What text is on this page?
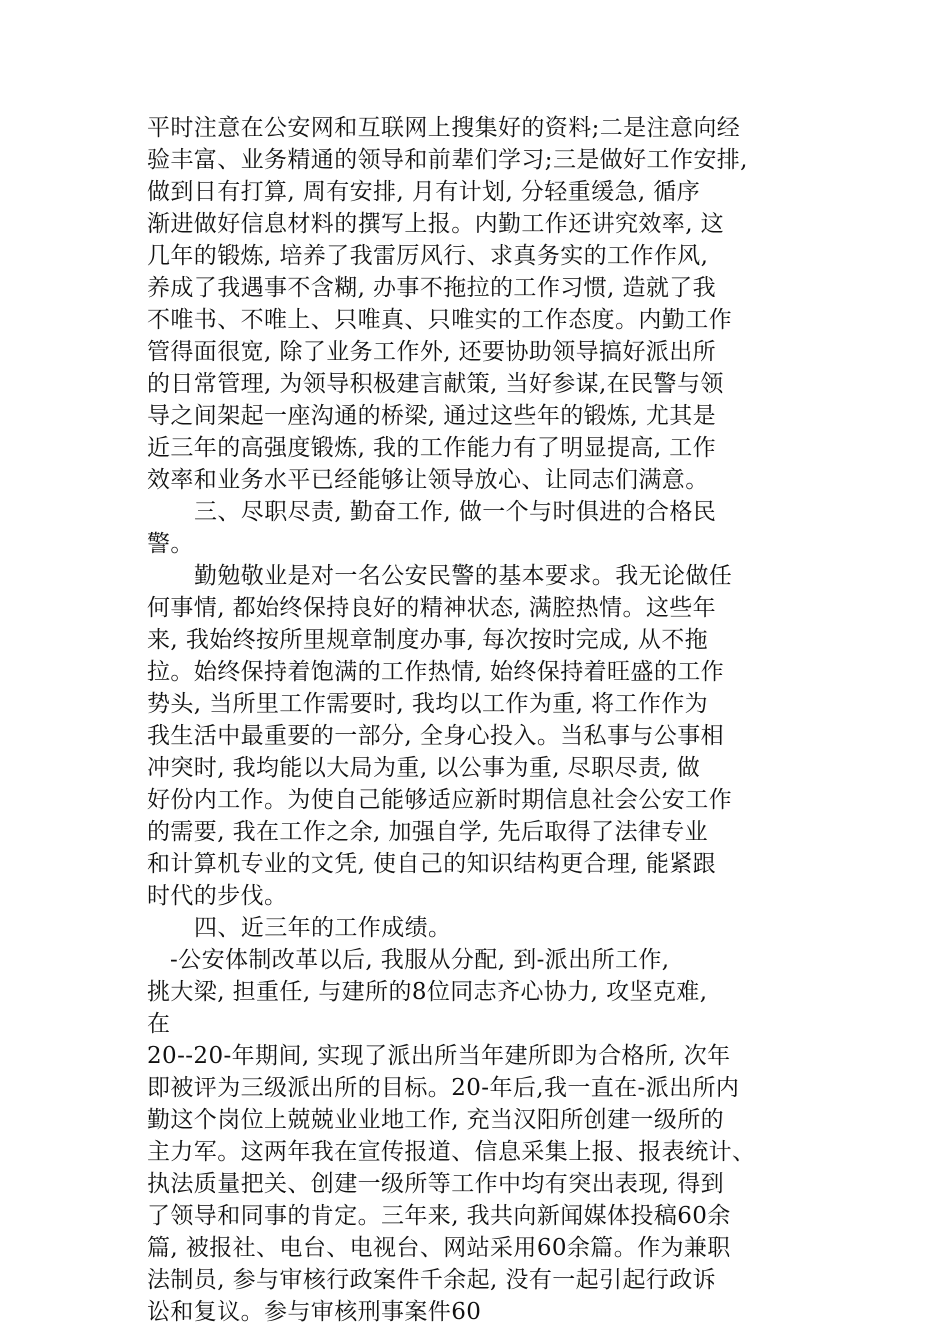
平时注意在公安网和互联网上搜集好的资料;二是注意向经
验丰富、业务精通的领导和前辈们学习;三是做好工作安排,
做到日有打算, 周有安排, 月有计划, 分轻重缓急, 循序
渐进做好信息材料的撰写上报。内勤工作还讲究效率, 这
几年的锻炼, 培养了我雷厉风行、求真务实的工作作风,
养成了我遇事不含糊, 办事不拖拉的工作习惯, 造就了我
不唯书、不唯上、只唯真、只唯实的工作态度。内勤工作
管得面很宽, 除了业务工作外, 还要协助领导搞好派出所
的日常管理, 为领导积极建言献策, 当好参谋,在民警与领
导之间架起一座沟通的桥梁, 通过这些年的锻炼, 尤其是
近三年的高强度锻炼, 我的工作能力有了明显提高, 工作
效率和业务水平已经能够让领导放心、让同志们满意。
三、尽职尽责, 勤奋工作, 做一个与时俱进的合格民
警。
勤勉敬业是对一名公安民警的基本要求。我无论做任
何事情, 都始终保持良好的精神状态, 满腔热情。这些年
来, 我始终按所里规章制度办事, 每次按时完成, 从不拖
拉。始终保持着饱满的工作热情, 始终保持着旺盛的工作
势头, 当所里工作需要时, 我均以工作为重, 将工作作为
我生活中最重要的一部分, 全身心投入。当私事与公事相
冲突时, 我均能以大局为重, 以公事为重, 尽职尽责, 做
好份内工作。为使自己能够适应新时期信息社会公安工作
的需要, 我在工作之余, 加强自学, 先后取得了法律专业
和计算机专业的文凭, 使自己的知识结构更合理, 能紧跟
时代的步伐。
四、近三年的工作成绩。
-公安体制改革以后, 我服从分配, 到-派出所工作,
挑大梁, 担重任, 与建所的8位同志齐心协力, 攻坚克难,
在
20--20-年期间, 实现了派出所当年建所即为合格所, 次年
即被评为三级派出所的目标。20-年后,我一直在-派出所内
勤这个岗位上兢兢业业地工作, 充当汉阳所创建一级所的
主力军。这两年我在宣传报道、信息采集上报、报表统计、
执法质量把关、创建一级所等工作中均有突出表现, 得到
了领导和同事的肯定。三年来, 我共向新闻媒体投稿60余
篇, 被报社、电台、电视台、网站采用60余篇。作为兼职
法制员, 参与审核行政案件千余起, 没有一起引起行政诉
讼和复议。参与审核刑事案件60
